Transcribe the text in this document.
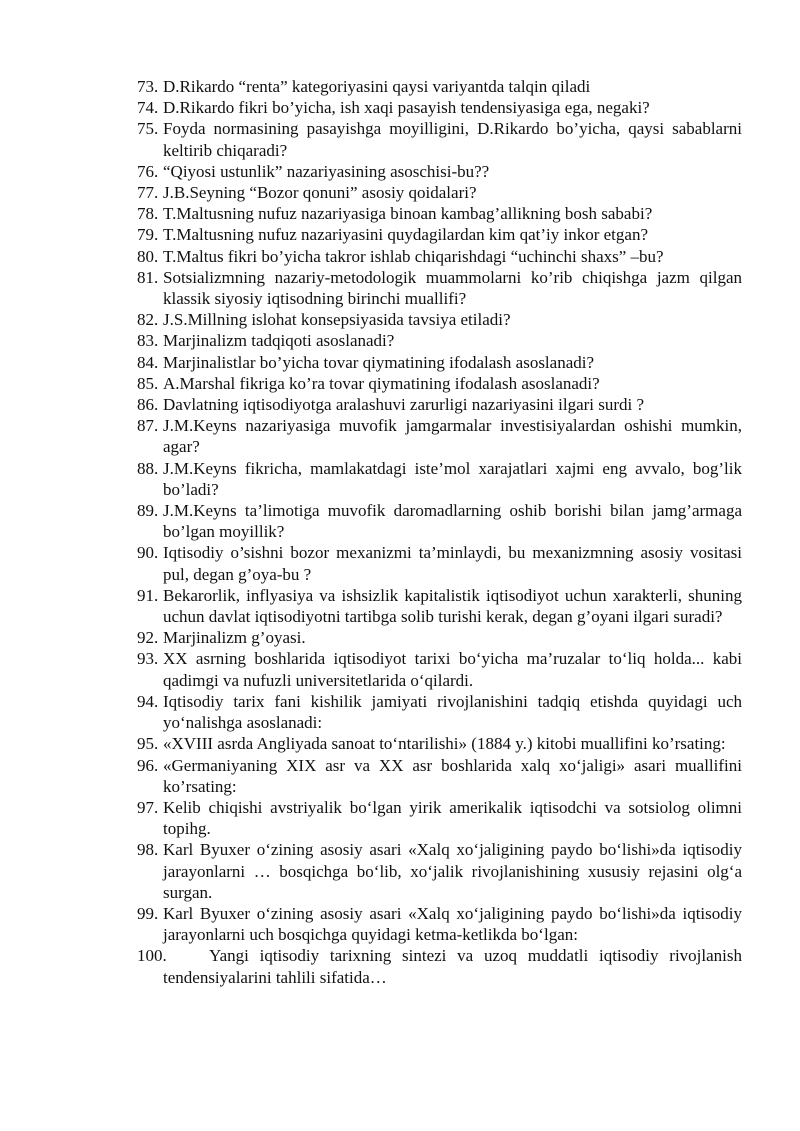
73. D.Rikardo “renta” kategoriyasini qaysi variyantda talqin qiladi
74. D.Rikardo fikri bo’yicha, ish xaqi pasayish tendensiyasiga ega, negaki?
75. Foyda normasining pasayishga moyilligini, D.Rikardo bo’yicha, qaysi sabablarni keltirib chiqaradi?
76. “Qiyosi ustunlik” nazariyasining asoschisi-bu??
77. J.B.Seyning “Bozor qonuni” asosiy qoidalari?
78. T.Maltusning nufuz nazariyasiga binoan kambag’allikning bosh sababi?
79. T.Maltusning nufuz nazariyasini quydagilardan kim qat’iy inkor etgan?
80. T.Maltus fikri bo’yicha takror ishlab chiqarishdagi “uchinchi shaxs” –bu?
81. Sotsializmning nazariy-metodologik muammolarni ko’rib chiqishga jazm qilgan klassik siyosiy iqtisodning birinchi muallifi?
82. J.S.Millning islohat konsepsiyasida tavsiya etiladi?
83. Marjinalizm tadqiqoti asoslanadi?
84. Marjinalistlar bo’yicha tovar qiymatining ifodalash asoslanadi?
85. A.Marshal fikriga ko’ra tovar qiymatining ifodalash asoslanadi?
86. Davlatning iqtisodiyotga aralashuvi zarurligi nazariyasini ilgari surdi ?
87. J.M.Keyns nazariyasiga muvofik jamgarmalar investisiyalardan oshishi mumkin, agar?
88. J.M.Keyns fikricha, mamlakatdagi iste’mol xarajatlari xajmi eng avvalo, bog’lik bo’ladi?
89. J.M.Keyns ta’limotiga muvofik daromadlarning oshib borishi bilan jamg’armaga bo’lgan moyillik?
90. Iqtisodiy o’sishni bozor mexanizmi ta’minlaydi, bu mexanizmning asosiy vositasi pul, degan g’oya-bu ?
91. Bekarorlik, inflyasiya va ishsizlik kapitalistik iqtisodiyot uchun xarakterli, shuning uchun davlat iqtisodiyotni tartibga solib turishi kerak, degan g’oyani ilgari suradi?
92. Marjinalizm g’oyasi.
93. XX asrning boshlarida iqtisodiyot tarixi bo‘yicha ma’ruzalar to‘liq holda... kabi qadimgi va nufuzli universitetlarida o‘qilardi.
94. Iqtisodiy tarix fani kishilik jamiyati rivojlanishini tadqiq etishda quyidagi uch yo‘nalishga asoslanadi:
95. «XVIII asrda Angliyada sanoat to‘ntarilishi» (1884 y.) kitobi muallifini ko’rsating:
96. «Germaniyaning XIX asr va XX asr boshlarida xalq xo‘jaligi» asari muallifini ko’rsating:
97. Kelib chiqishi avstriyalik bo‘lgan yirik amerikalik iqtisodchi va sotsiolog olimni topihg.
98. Karl Byuxer o‘zining asosiy asari «Xalq xo‘jaligining paydo bo‘lishi»da iqtisodiy jarayonlarni … bosqichga bo‘lib, xo‘jalik rivojlanishining xususiy rejasini olg‘a surgan.
99. Karl Byuxer o‘zining asosiy asari «Xalq xo‘jaligining paydo bo‘lishi»da iqtisodiy jarayonlarni uch bosqichga quyidagi ketma-ketlikda bo‘lgan:
100. Yangi iqtisodiy tarixning sintezi va uzoq muddatli iqtisodiy rivojlanish tendensiyalarini tahlili sifatida…
